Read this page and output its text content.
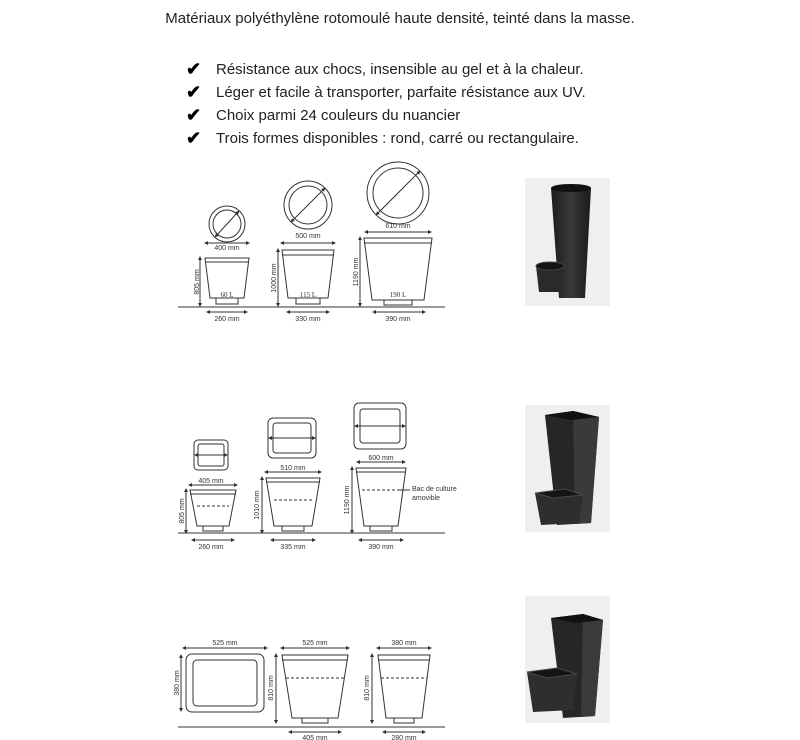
Matériaux polyéthylène rotomoulé haute densité, teinté dans la masse.
✔ Résistance aux chocs, insensible au gel et à la chaleur.
✔ Léger et facile à transporter, parfaite résistance aux UV.
✔ Choix parmi 24 couleurs du nuancier
✔ Trois formes disponibles : rond, carré ou rectangulaire.
400 mm
805 mm
60 L
260 mm
500 mm
1000 mm
115 L
330 mm
610 mm
1190 mm
190 L
390 mm
405 mm
805 mm
260 mm
510 mm
1010 mm
335 mm
600 mm
1190 mm
390 mm
Bac de culture
amovible
525 mm
380 mm
525 mm
810 mm
405 mm
380 mm
810 mm
280 mm
